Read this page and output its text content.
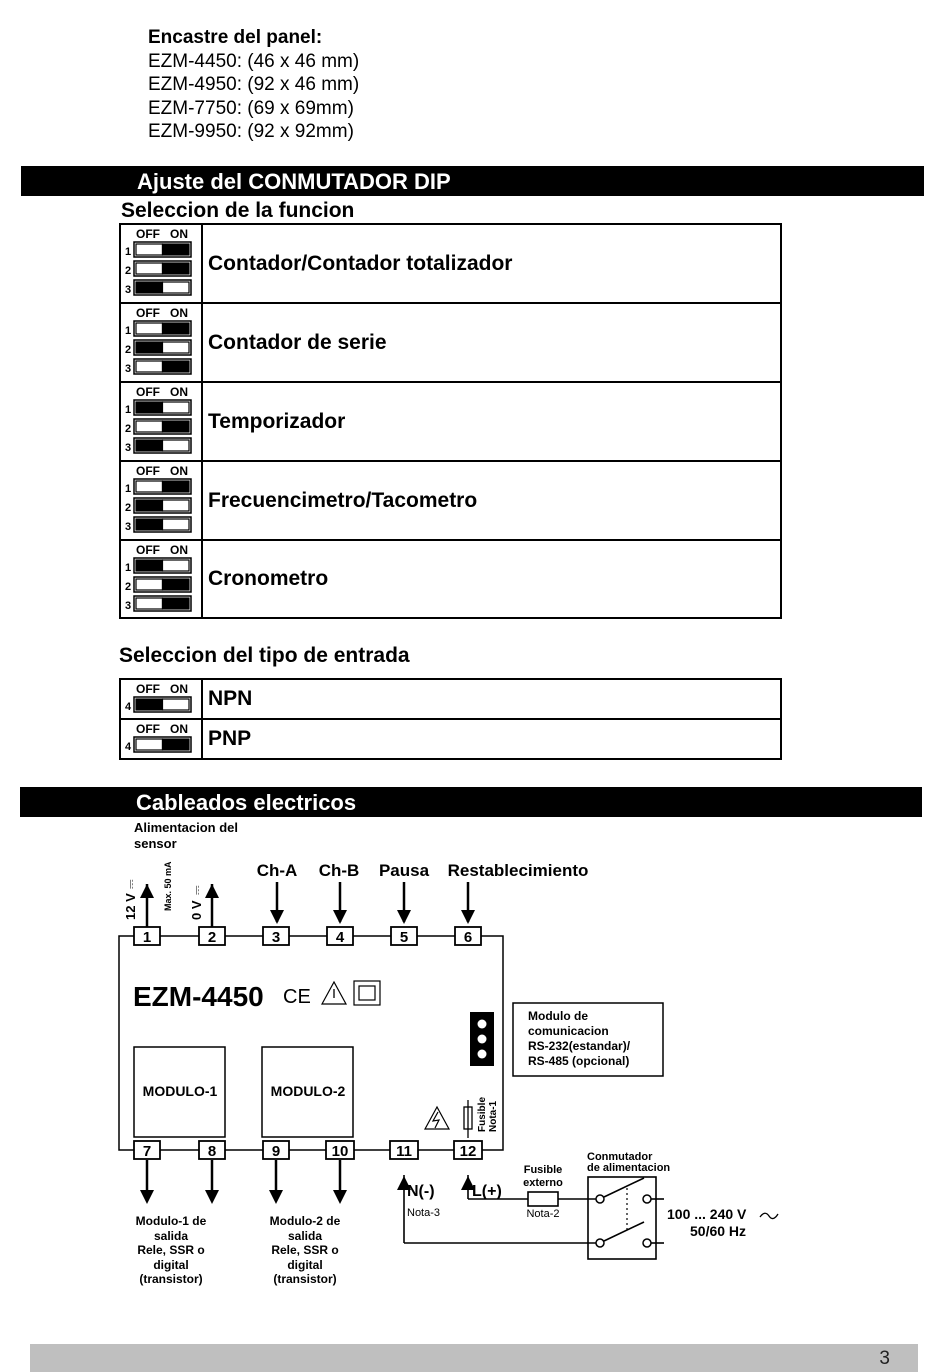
Encastre del panel:
EZM-4450: (46 x 46 mm)
EZM-4950: (92 x 46 mm)
EZM-7750: (69 x 69mm)
EZM-9950: (92 x 92mm)
Ajuste del CONMUTADOR DIP
Seleccion de la funcion
OFF ON
1
2
3	Contador/Contador totalizador

OFF ON
1
2
3	Contador de serie

OFF ON
1
2
3	Temporizador

OFF ON
1
2
3	Frecuencimetro/Tacometro

OFF ON
1
2
3	Cronometro
Seleccion del tipo de entrada
OFF ON
4	NPN

OFF ON
4	PNP
Cableados electricos
Alimentacion del sensor
12 V
⎓	Max. 50 mA 0 V
⎓
Ch-A Ch-B Pausa Restablecimiento
1	2	3	4	5	6
7	8	9	10	11	12
EZM-4450 CE
Modulo de comunicacion RS-232(estandar)/ RS-485 (opcional)
MODULO-1	MODULO-2
Fusible Nota-1
Modulo-1 de salida Rele, SSR o digital (transistor)
Modulo-2 de salida Rele, SSR o digital (transistor)
N(-)
Nota-3
L(+)
Fusible externo
Nota-2
Conmutador de alimentacion
100 ... 240 V
50/60 Hz
3
